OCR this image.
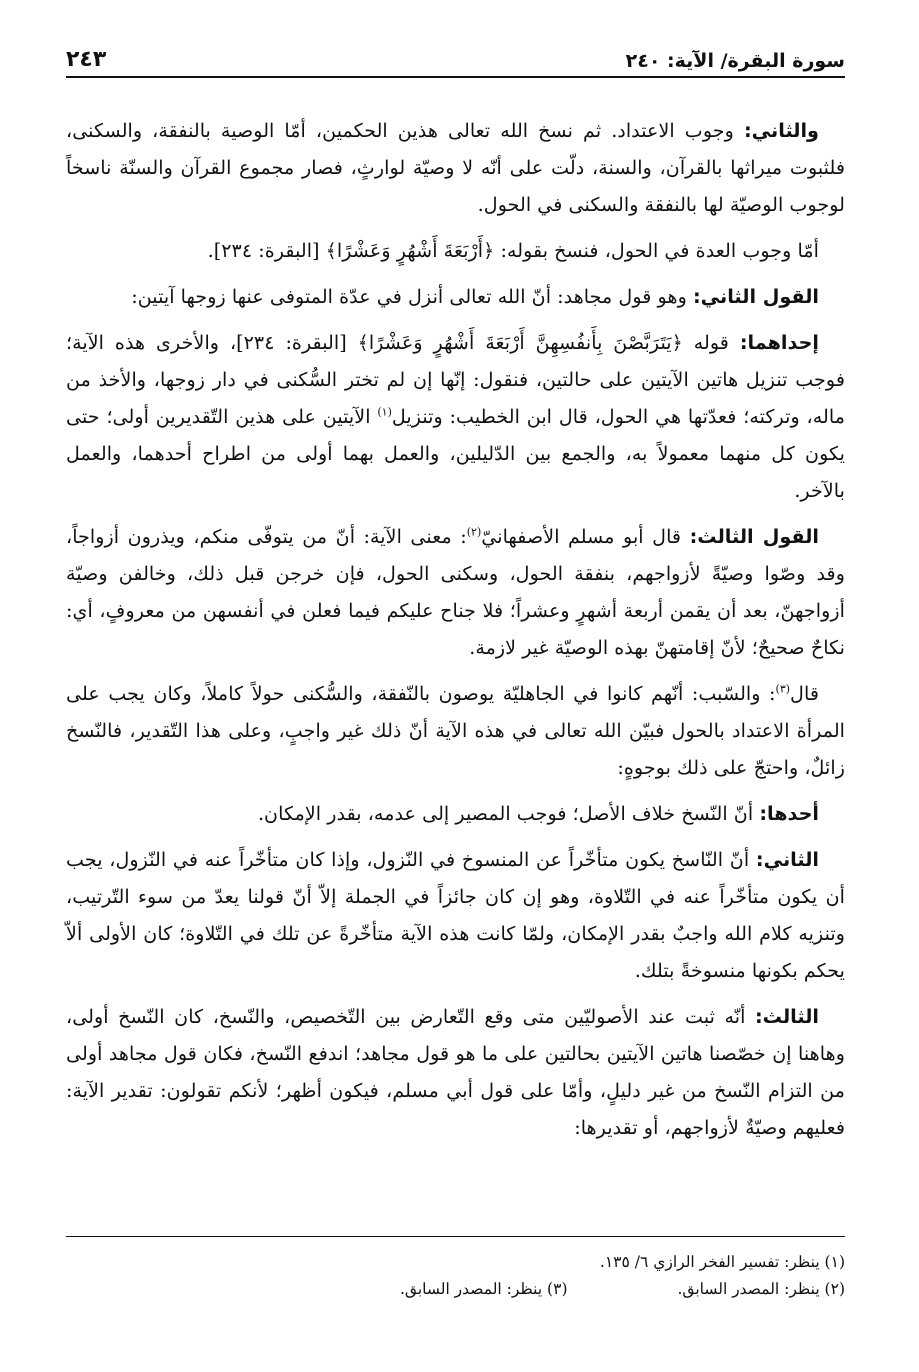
سورة البقرة/ الآية: ٢٤٠
٢٤٣

والثاني: وجوب الاعتداد. ثم نسخ الله تعالى هذين الحكمين، أمّا الوصية بالنفقة، والسكنى، فلثبوت ميراثها بالقرآن، والسنة، دلّت على أنّه لا وصيّة لوارثٍ، فصار مجموع القرآن والسنّة ناسخاً لوجوب الوصيّة لها بالنفقة والسكنى في الحول.

أمّا وجوب العدة في الحول، فنسخ بقوله: ﴿أَرْبَعَةَ أَشْهُرٍ وَعَشْرًا﴾ [البقرة: ٢٣٤].

القول الثاني: وهو قول مجاهد: أنّ الله تعالى أنزل في عدّة المتوفى عنها زوجها آيتين:

إحداهما: قوله ﴿يَتَرَبَّصْنَ بِأَنفُسِهِنَّ أَرْبَعَةَ أَشْهُرٍ وَعَشْرًا﴾ [البقرة: ٢٣٤]، والأخرى هذه الآية؛ فوجب تنزيل هاتين الآيتين على حالتين، فنقول: إنّها إن لم تختر السُّكنى في دار زوجها، والأخذ من ماله، وتركته؛ فعدّتها هي الحول، قال ابن الخطيب: وتنزيل$^{(١)}$ الآيتين على هذين التّقديرين أولى؛ حتى يكون كل منهما معمولاً به، والجمع بين الدّليلين، والعمل بهما أولى من اطراح أحدهما، والعمل بالآخر.

القول الثالث: قال أبو مسلم الأصفهانيّ$^{(٢)}$: معنى الآية: أنّ من يتوفّى منكم، ويذرون أزواجاً، وقد وصّوا وصيّةً لأزواجهم، بنفقة الحول، وسكنى الحول، فإن خرجن قبل ذلك، وخالفن وصيّة أزواجهنّ، بعد أن يقمن أربعة أشهرٍ وعشراً؛ فلا جناح عليكم فيما فعلن في أنفسهن من معروفٍ، أي: نكاحٌ صحيحٌ؛ لأنّ إقامتهنّ بهذه الوصيّة غير لازمة.

قال$^{(٣)}$: والسّبب: أنّهم كانوا في الجاهليّة يوصون بالنّفقة، والسُّكنى حولاً كاملاً، وكان يجب على المرأة الاعتداد بالحول فبيّن الله تعالى في هذه الآية أنّ ذلك غير واجبٍ، وعلى هذا التّقدير، فالنّسخ زائلٌ، واحتجّ على ذلك بوجوهٍ:

أحدها: أنّ النّسخ خلاف الأصل؛ فوجب المصير إلى عدمه، بقدر الإمكان.

الثاني: أنّ النّاسخ يكون متأخّراً عن المنسوخ في النّزول، وإذا كان متأخّراً عنه في النّزول، يجب أن يكون متأخّراً عنه في التّلاوة، وهو إن كان جائزاً في الجملة إلاّ أنّ قولنا يعدّ من سوء التّرتيب، وتنزيه كلام الله واجبٌ بقدر الإمكان، ولمّا كانت هذه الآية متأخّرةً عن تلك في التّلاوة؛ كان الأولى ألاّ يحكم بكونها منسوخةً بتلك.

الثالث: أنّه ثبت عند الأصوليّين متى وقع التّعارض بين التّخصيص، والنّسخ، كان النّسخ أولى، وهاهنا إن خصّصنا هاتين الآيتين بحالتين على ما هو قول مجاهد؛ اندفع النّسخ، فكان قول مجاهد أولى من التزام النّسخ من غير دليلٍ، وأمّا على قول أبي مسلم، فيكون أظهر؛ لأنكم تقولون: تقدير الآية: فعليهم وصيّةٌ لأزواجهم، أو تقديرها:

(١) ينظر: تفسير الفخر الرازي ٦/ ١٣٥.
(٢) ينظر: المصدر السابق.
(٣) ينظر: المصدر السابق.
